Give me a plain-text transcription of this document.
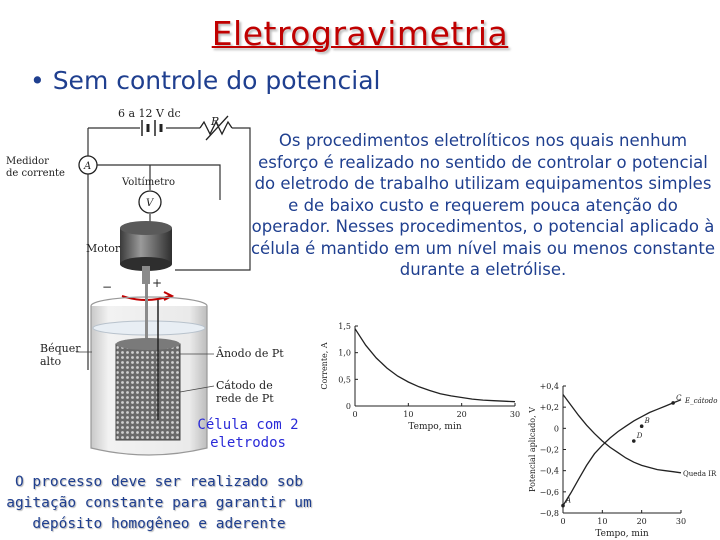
Eletrogravimetria
• Sem controle do potencial
6 a 12 V dc
R
A
Medidor
de corrente
V
Voltímetro
Motor
−	+
Ânodo de Pt
Cátodo de
rede de Pt
Béquer
alto
Os procedimentos eletrolíticos nos quais nenhum esforço é realizado no sentido de controlar o potencial do eletrodo de trabalho utilizam equipamentos simples e de baixo custo e requerem pouca atenção do operador. Nesses procedimentos, o potencial aplicado à célula é mantido em um nível mais ou menos constante durante a eletrólise.
Célula com 2
eletrodos
O processo deve ser realizado sob
agitação constante para garantir um
depósito homogêneo e aderente
0	10	20	30
0
0,5
1,0
1,5
Tempo, min
Corrente, A
0	10	20	30
−0,8
−0,6
−0,4
−0,2
0
+0,2
+0,4
Tempo, min
Potencial aplicado, V
A
B
C
D
E_cátodo
Queda IR
